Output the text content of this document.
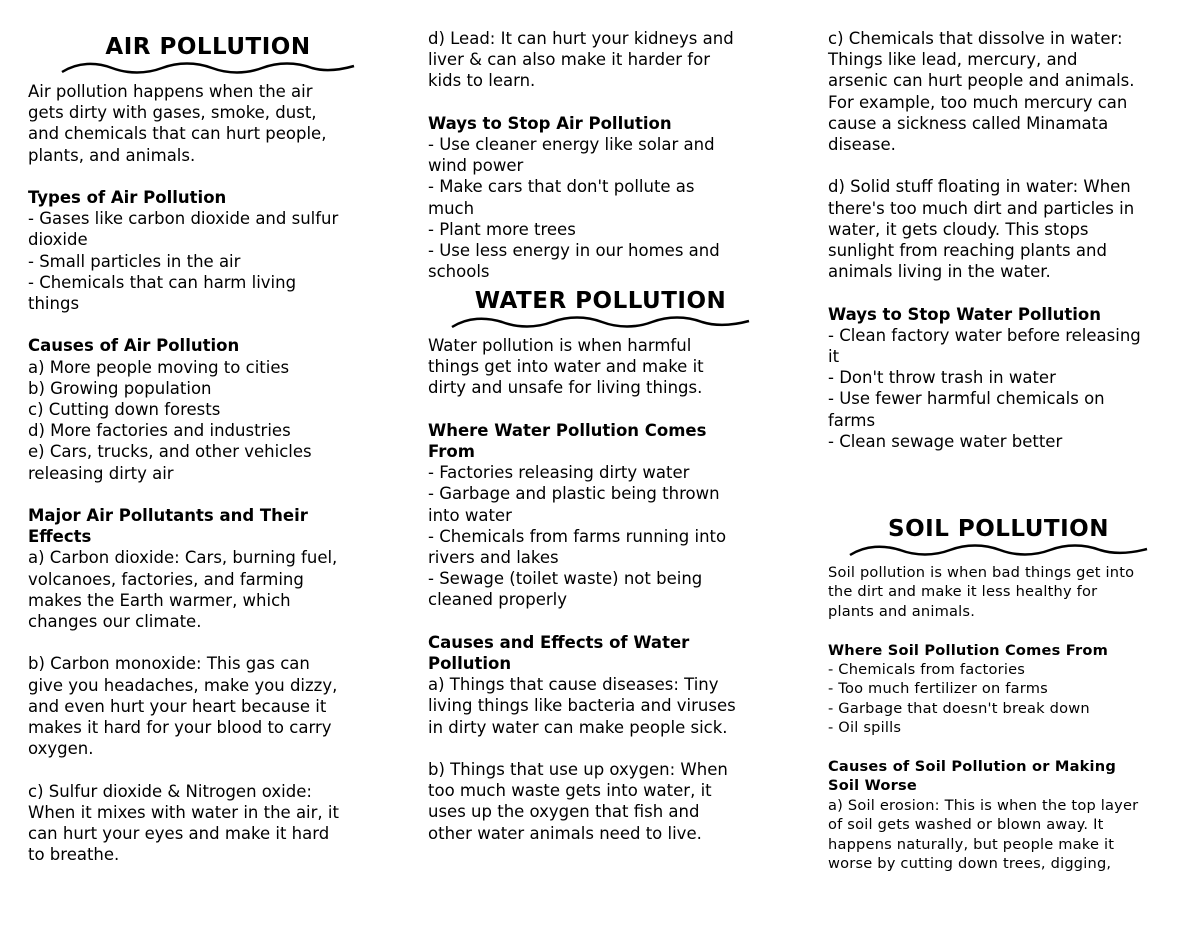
AIR POLLUTION
Air pollution happens when the air
gets dirty with gases, smoke, dust,
and chemicals that can hurt people,
plants, and animals.
Types of Air Pollution
- Gases like carbon dioxide and sulfur
dioxide
- Small particles in the air
- Chemicals that can harm living
things
Causes of Air Pollution
a) More people moving to cities
b) Growing population
c) Cutting down forests
d) More factories and industries
e) Cars, trucks, and other vehicles
releasing dirty air
Major Air Pollutants and Their
Effects
a) Carbon dioxide: Cars, burning fuel,
volcanoes, factories, and farming
makes the Earth warmer, which
changes our climate.
b) Carbon monoxide: This gas can
give you headaches, make you dizzy,
and even hurt your heart because it
makes it hard for your blood to carry
oxygen.
c) Sulfur dioxide & Nitrogen oxide:
When it mixes with water in the air, it
can hurt your eyes and make it hard
to breathe.
d) Lead: It can hurt your kidneys and
liver & can also make it harder for
kids to learn.
Ways to Stop Air Pollution
- Use cleaner energy like solar and
wind power
- Make cars that don't pollute as
much
- Plant more trees
- Use less energy in our homes and
schools
WATER POLLUTION
Water pollution is when harmful
things get into water and make it
dirty and unsafe for living things.
Where Water Pollution Comes
From
- Factories releasing dirty water
- Garbage and plastic being thrown
into water
- Chemicals from farms running into
rivers and lakes
- Sewage (toilet waste) not being
cleaned properly
Causes and Effects of Water
Pollution
a) Things that cause diseases: Tiny
living things like bacteria and viruses
in dirty water can make people sick.
b) Things that use up oxygen: When
too much waste gets into water, it
uses up the oxygen that fish and
other water animals need to live.
c) Chemicals that dissolve in water:
Things like lead, mercury, and
arsenic can hurt people and animals.
For example, too much mercury can
cause a sickness called Minamata
disease.
d) Solid stuff floating in water: When
there's too much dirt and particles in
water, it gets cloudy. This stops
sunlight from reaching plants and
animals living in the water.
Ways to Stop Water Pollution
- Clean factory water before releasing
it
- Don't throw trash in water
- Use fewer harmful chemicals on
farms
- Clean sewage water better
SOIL POLLUTION
Soil pollution is when bad things get into
the dirt and make it less healthy for
plants and animals.
Where Soil Pollution Comes From
- Chemicals from factories
- Too much fertilizer on farms
- Garbage that doesn't break down
- Oil spills
Causes of Soil Pollution or Making
Soil Worse
a) Soil erosion: This is when the top layer
of soil gets washed or blown away. It
happens naturally, but people make it
worse by cutting down trees, digging,
